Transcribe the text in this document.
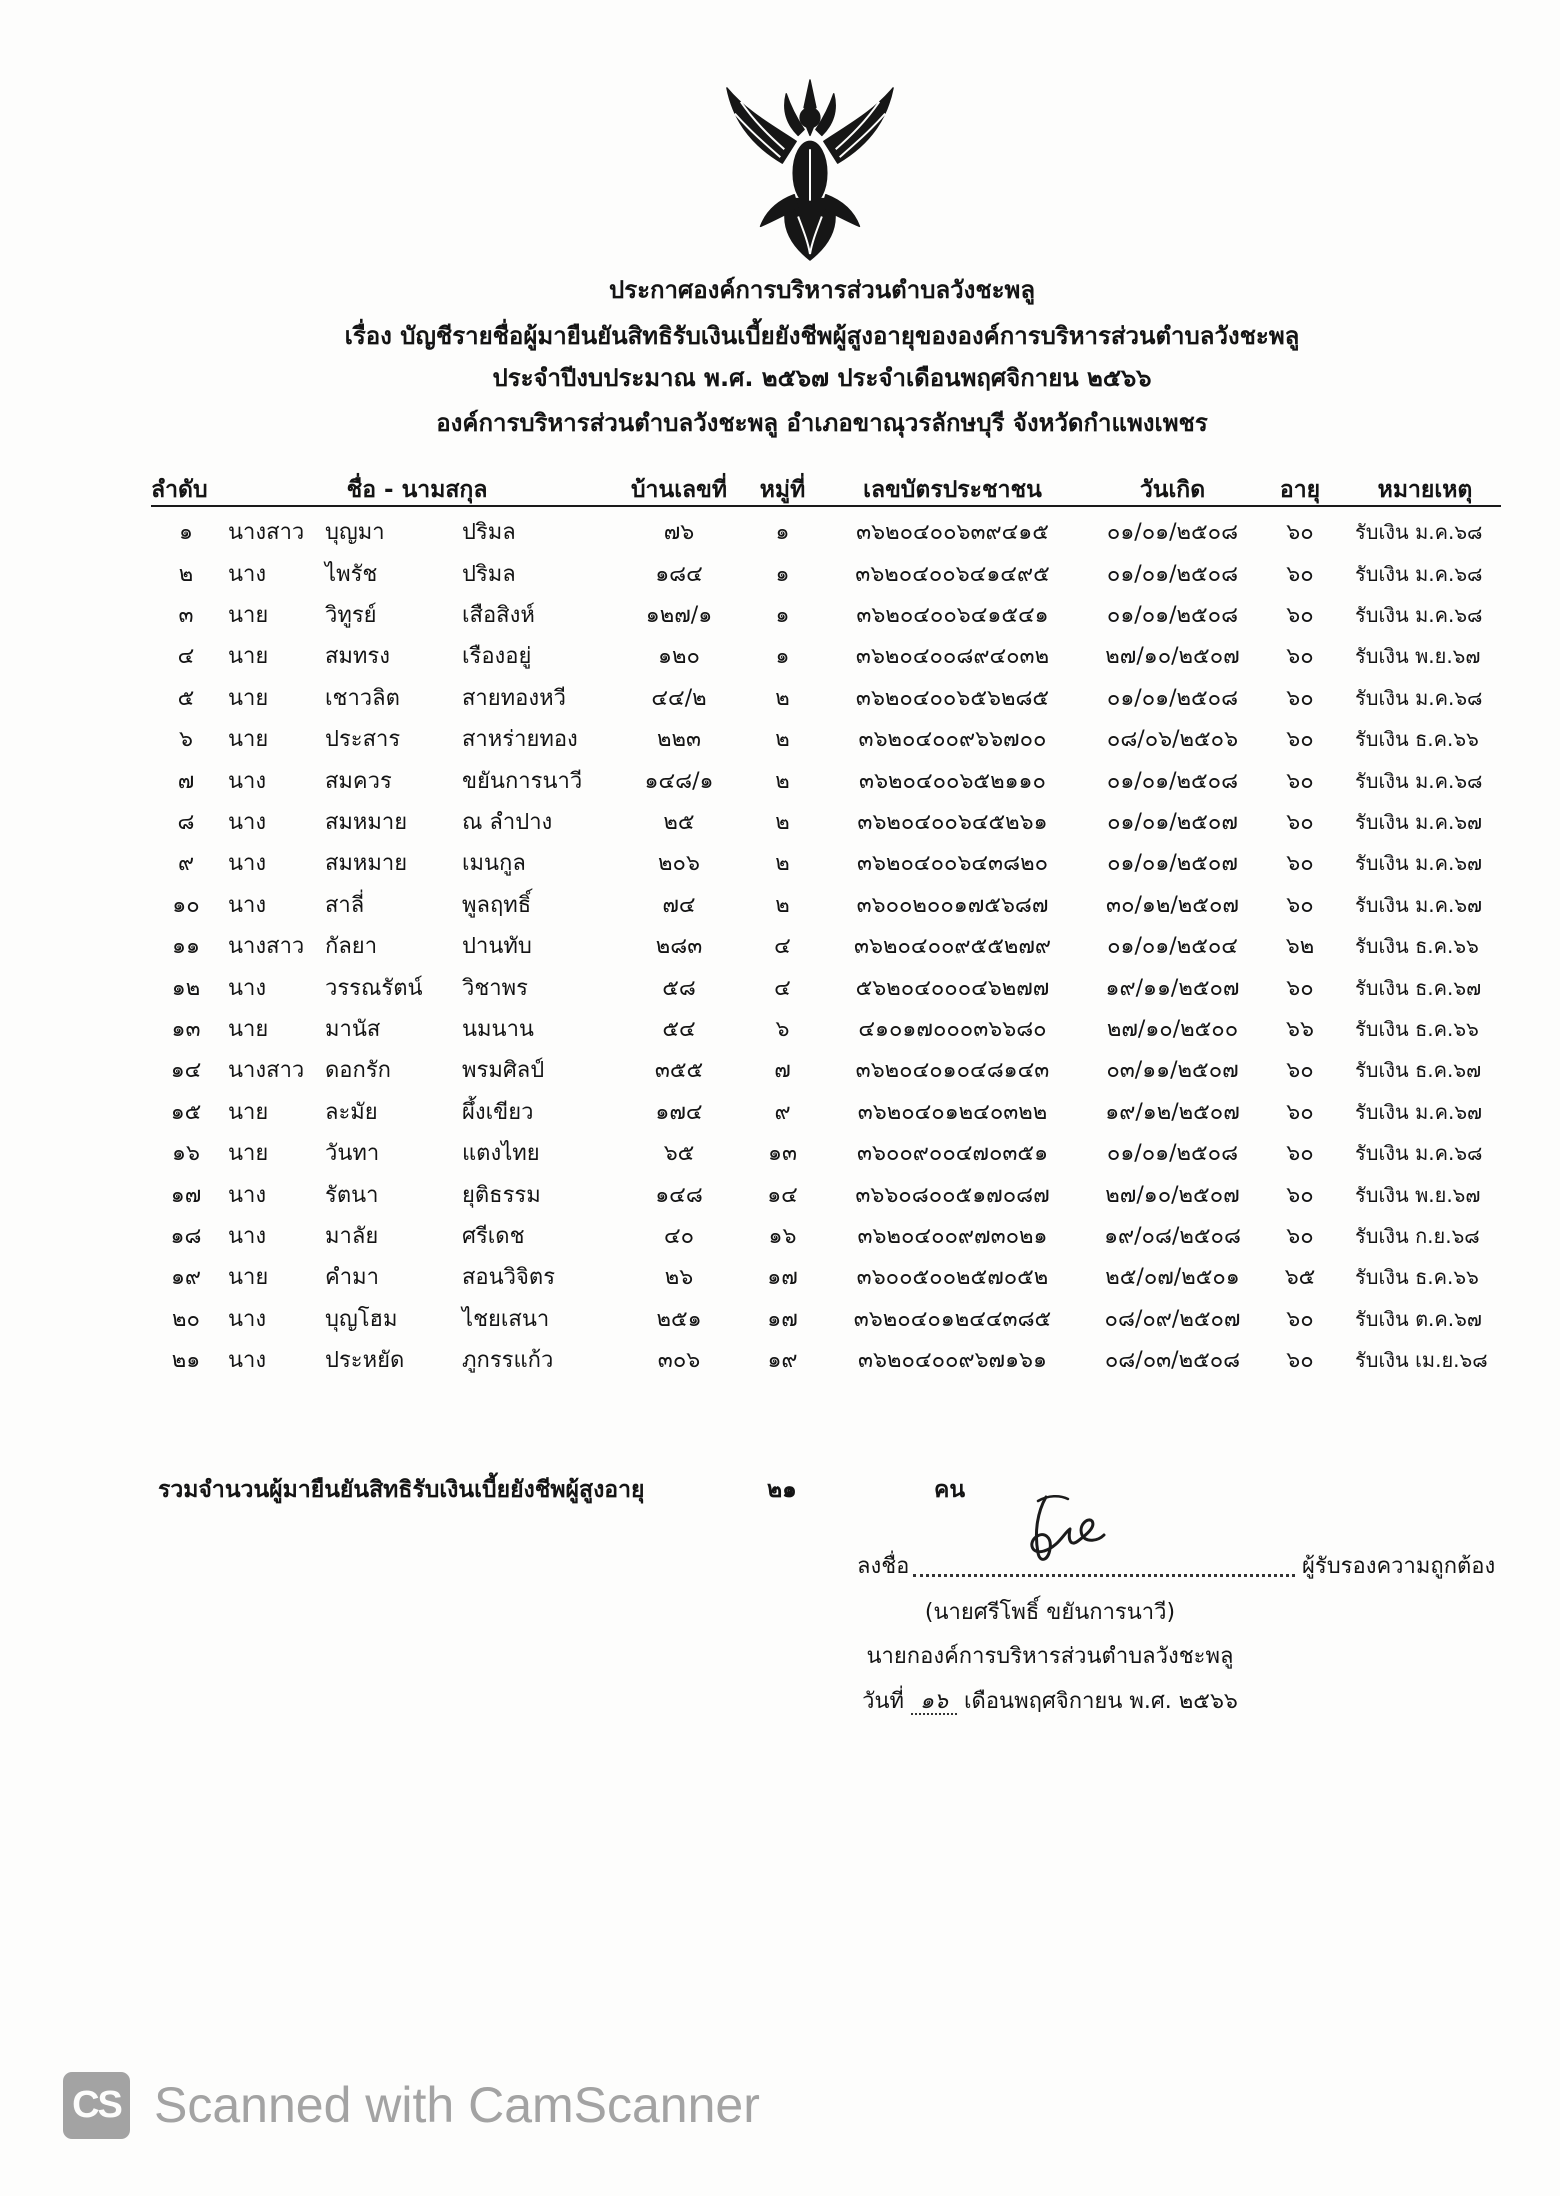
ประกาศองค์การบริหารส่วนตำบลวังชะพลู
เรื่อง บัญชีรายชื่อผู้มายืนยันสิทธิรับเงินเบี้ยยังชีพผู้สูงอายุขององค์การบริหารส่วนตำบลวังชะพลู
ประจำปีงบประมาณ พ.ศ. ๒๕๖๗ ประจำเดือนพฤศจิกายน ๒๕๖๖
องค์การบริหารส่วนตำบลวังชะพลู อำเภอขาณุวรลักษบุรี จังหวัดกำแพงเพชร
ลำดับ	ชื่อ - นามสกุล	บ้านเลขที่	หมู่ที่	เลขบัตรประชาชน	วันเกิด	อายุ	หมายเหตุ
๑	นางสาว บุญมา	ปริมล	๗๖	๑	๓๖๒๐๔๐๐๖๓๙๔๑๕	๐๑/๐๑/๒๕๐๘	๖๐	รับเงิน ม.ค.๖๘
๒	นาง	ไพรัช	ปริมล	๑๘๔	๑	๓๖๒๐๔๐๐๖๔๑๔๙๕	๐๑/๐๑/๒๕๐๘	๖๐	รับเงิน ม.ค.๖๘
๓	นาย	วิทูรย์	เสือสิงห์	๑๒๗/๑	๑	๓๖๒๐๔๐๐๖๔๑๕๔๑	๐๑/๐๑/๒๕๐๘	๖๐	รับเงิน ม.ค.๖๘
๔	นาย	สมทรง	เรืองอยู่	๑๒๐	๑	๓๖๒๐๔๐๐๘๙๔๐๓๒	๒๗/๑๐/๒๕๐๗	๖๐	รับเงิน พ.ย.๖๗
๕	นาย	เชาวลิต	สายทองหวี	๔๔/๒	๒	๓๖๒๐๔๐๐๖๕๖๒๘๕	๐๑/๐๑/๒๕๐๘	๖๐	รับเงิน ม.ค.๖๘
๖	นาย	ประสาร	สาหร่ายทอง	๒๒๓	๒	๓๖๒๐๔๐๐๙๖๖๗๐๐	๐๘/๐๖/๒๕๐๖	๖๐	รับเงิน ธ.ค.๖๖
๗	นาง	สมควร	ขยันการนาวี	๑๔๘/๑	๒	๓๖๒๐๔๐๐๖๕๒๑๑๐	๐๑/๐๑/๒๕๐๘	๖๐	รับเงิน ม.ค.๖๘
๘	นาง	สมหมาย	ณ ลำปาง	๒๕	๒	๓๖๒๐๔๐๐๖๔๕๒๖๑	๐๑/๐๑/๒๕๐๗	๖๐	รับเงิน ม.ค.๖๗
๙	นาง	สมหมาย	เมนกูล	๒๐๖	๒	๓๖๒๐๔๐๐๖๔๓๘๒๐	๐๑/๐๑/๒๕๐๗	๖๐	รับเงิน ม.ค.๖๗
๑๐	นาง	สาลี่	พูลฤทธิ์	๗๔	๒	๓๖๐๐๒๐๐๑๗๕๖๘๗	๓๐/๑๒/๒๕๐๗	๖๐	รับเงิน ม.ค.๖๗
๑๑	นางสาว กัลยา	ปานทับ	๒๘๓	๔	๓๖๒๐๔๐๐๙๕๕๒๗๙	๐๑/๐๑/๒๕๐๔	๖๒	รับเงิน ธ.ค.๖๖
๑๒	นาง	วรรณรัตน์	วิชาพร	๕๘	๔	๕๖๒๐๔๐๐๐๔๖๒๗๗	๑๙/๑๑/๒๕๐๗	๖๐	รับเงิน ธ.ค.๖๗
๑๓	นาย	มานัส	นมนาน	๕๔	๖	๔๑๐๑๗๐๐๐๓๖๖๘๐	๒๗/๑๐/๒๕๐๐	๖๖	รับเงิน ธ.ค.๖๖
๑๔	นางสาว ดอกรัก	พรมศิลป์	๓๕๕	๗	๓๖๒๐๔๐๑๐๔๘๑๔๓	๐๓/๑๑/๒๕๐๗	๖๐	รับเงิน ธ.ค.๖๗
๑๕	นาย	ละมัย	ผึ้งเขียว	๑๗๔	๙	๓๖๒๐๔๐๑๒๔๐๓๒๒	๑๙/๑๒/๒๕๐๗	๖๐	รับเงิน ม.ค.๖๗
๑๖	นาย	วันทา	แตงไทย	๖๕	๑๓	๓๖๐๐๙๐๐๔๗๐๓๕๑	๐๑/๐๑/๒๕๐๘	๖๐	รับเงิน ม.ค.๖๘
๑๗	นาง	รัตนา	ยุติธรรม	๑๔๘	๑๔	๓๖๖๐๘๐๐๕๑๗๐๘๗	๒๗/๑๐/๒๕๐๗	๖๐	รับเงิน พ.ย.๖๗
๑๘	นาง	มาลัย	ศรีเดช	๔๐	๑๖	๓๖๒๐๔๐๐๙๗๓๐๒๑	๑๙/๐๘/๒๕๐๘	๖๐	รับเงิน ก.ย.๖๘
๑๙	นาย	คำมา	สอนวิจิตร	๒๖	๑๗	๓๖๐๐๕๐๐๒๕๗๐๕๒	๒๕/๐๗/๒๕๐๑	๖๕	รับเงิน ธ.ค.๖๖
๒๐	นาง	บุญโฮม	ไชยเสนา	๒๕๑	๑๗	๓๖๒๐๔๐๑๒๔๔๓๘๕	๐๘/๐๙/๒๕๐๗	๖๐	รับเงิน ต.ค.๖๗
๒๑	นาง	ประหยัด	ภูกรรแก้ว	๓๐๖	๑๙	๓๖๒๐๔๐๐๙๖๗๑๖๑	๐๘/๐๓/๒๕๐๘	๖๐	รับเงิน เม.ย.๖๘
รวมจำนวนผู้มายืนยันสิทธิรับเงินเบี้ยยังชีพผู้สูงอายุ	๒๑	คน
ลงชื่อ	ผู้รับรองความถูกต้อง
(นายศรีโพธิ์ ขยันการนาวี)
นายกองค์การบริหารส่วนตำบลวังชะพลู
วันที่ ๑๖ เดือนพฤศจิกายน พ.ศ. ๒๕๖๖
CS Scanned with CamScanner
